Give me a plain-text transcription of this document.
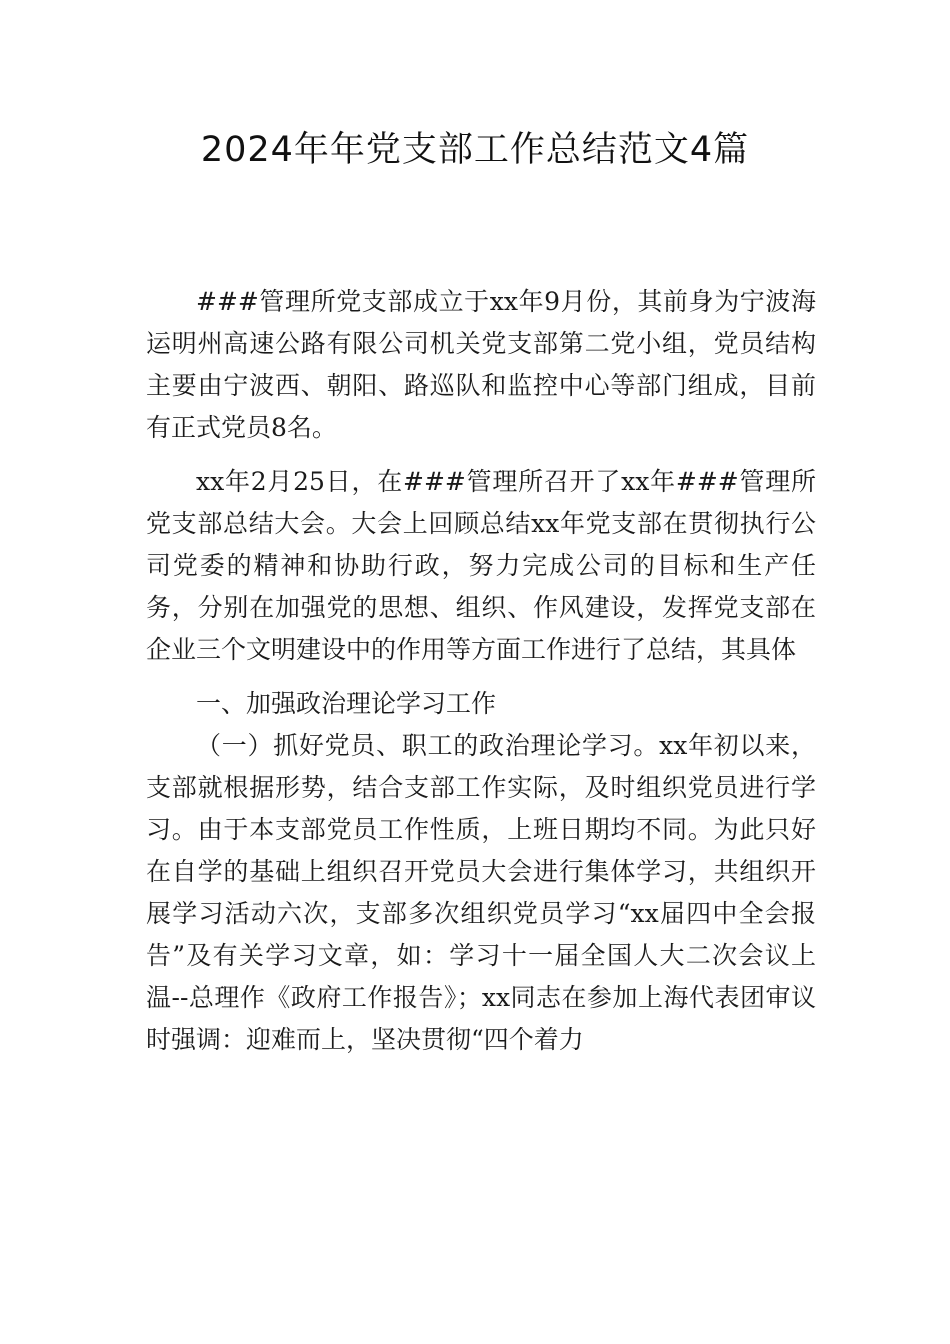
2024年年党支部工作总结范文4篇

###管理所党支部成立于xx年9月份，其前身为宁波海运明州高速公路有限公司机关党支部第二党小组，党员结构主要由宁波西、朝阳、路巡队和监控中心等部门组成，目前有正式党员8名。

xx年2月25日，在###管理所召开了xx年###管理所党支部总结大会。大会上回顾总结xx年党支部在贯彻执行公司党委的精神和协助行政，努力完成公司的目标和生产任务，分别在加强党的思想、组织、作风建设，发挥党支部在企业三个文明建设中的作用等方面工作进行了总结，其具体

一、加强政治理论学习工作

（一）抓好党员、职工的政治理论学习。xx年初以来，支部就根据形势，结合支部工作实际，及时组织党员进行学习。由于本支部党员工作性质，上班日期均不同。为此只好在自学的基础上组织召开党员大会进行集体学习，共组织开展学习活动六次，支部多次组织党员学习“xx届四中全会报告”及有关学习文章，如：学习十一届全国人大二次会议上温--总理作《政府工作报告》；xx同志在参加上海代表团审议时强调：迎难而上，坚决贯彻“四个着力
